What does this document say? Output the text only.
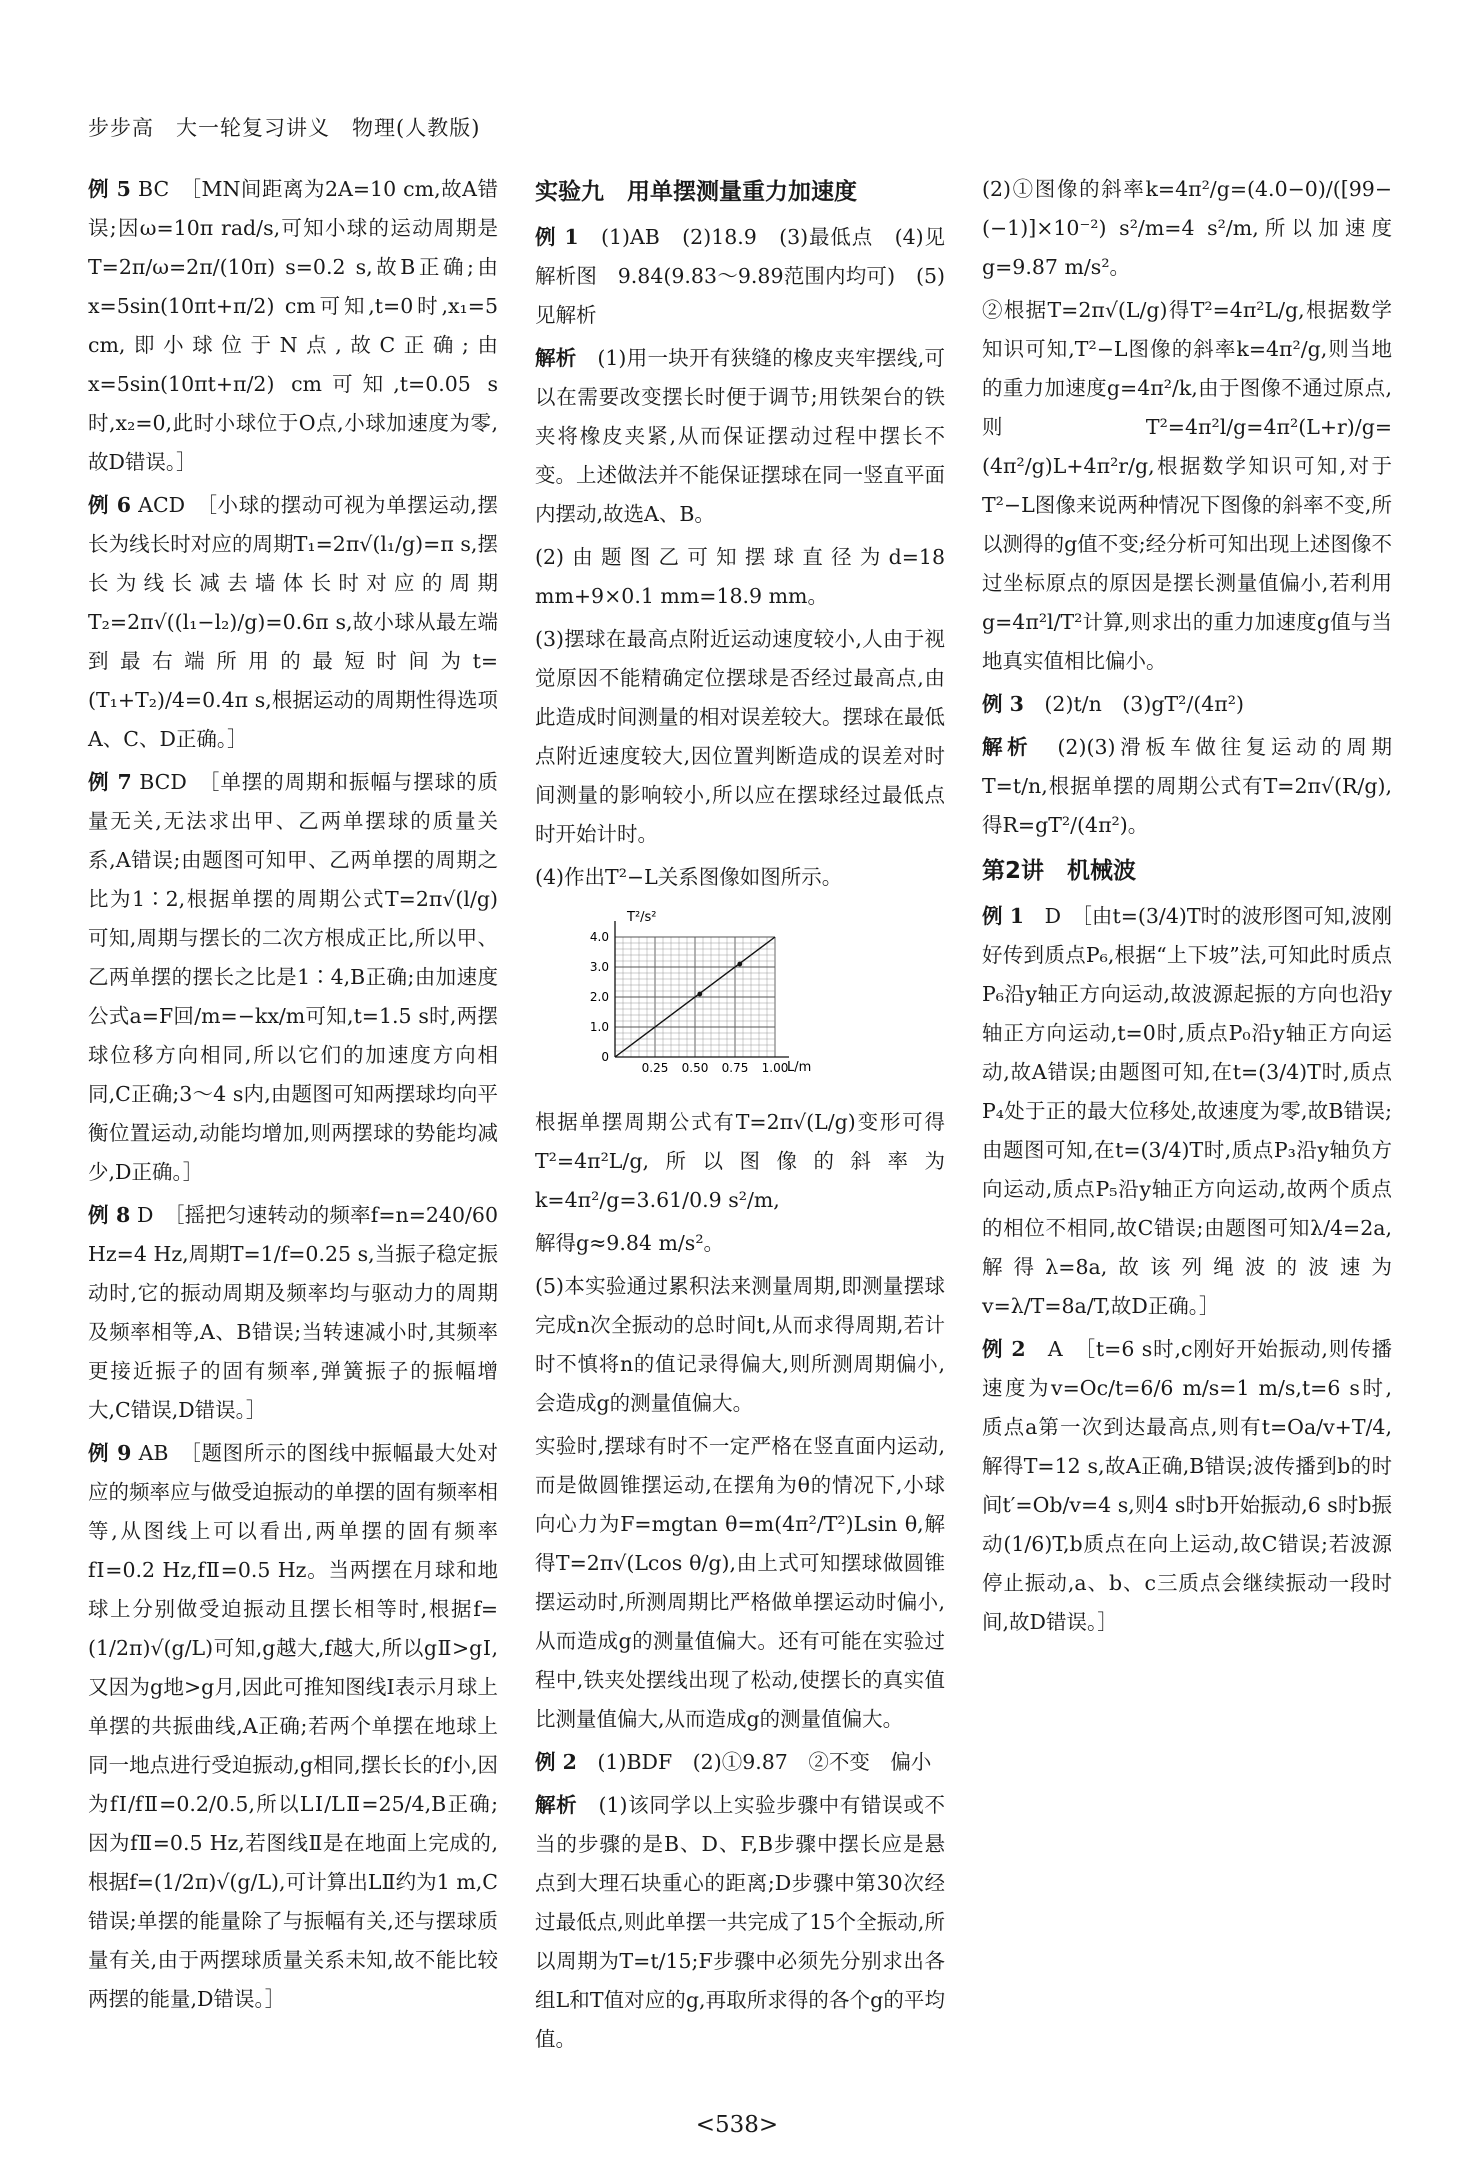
步步高　大一轮复习讲义　物理(人教版)

例 5 BC　 ［MN间距离为2A=10 cm,故A错误;因ω=10π rad/s,可知小球的运动周期是T=2π/ω=2π/(10π) s=0.2 s,故B正确;由x=5sin(10πt+π/2) cm可知,t=0时,x₁=5 cm,即小球位于N点,故C正确;由x=5sin(10πt+π/2) cm可知,t=0.05 s时,x₂=0,此时小球位于O点,小球加速度为零,故D错误。］

例 6 ACD　 ［小球的摆动可视为单摆运动,摆长为线长时对应的周期T₁=2π√(l₁/g)=π s,摆长为线长减去墙体长时对应的周期T₂=2π√((l₁−l₂)/g)=0.6π s,故小球从最左端到最右端所用的最短时间为t=(T₁+T₂)/4=0.4π s,根据运动的周期性得选项A、C、D正确。］

例 7 BCD　 ［单摆的周期和振幅与摆球的质量无关,无法求出甲、乙两单摆球的质量关系,A错误;由题图可知甲、乙两单摆的周期之比为1∶2,根据单摆的周期公式T=2π√(l/g)可知,周期与摆长的二次方根成正比,所以甲、乙两单摆的摆长之比是1∶4,B正确;由加速度公式a=F回/m=−kx/m可知,t=1.5 s时,两摆球位移方向相同,所以它们的加速度方向相同,C正确;3～4 s内,由题图可知两摆球均向平衡位置运动,动能均增加,则两摆球的势能均减少,D正确。］

例 8 D　 ［摇把匀速转动的频率f=n=240/60 Hz=4 Hz,周期T=1/f=0.25 s,当振子稳定振动时,它的振动周期及频率均与驱动力的周期及频率相等,A、B错误;当转速减小时,其频率更接近振子的固有频率,弹簧振子的振幅增大,C错误,D错误。］

例 9 AB　 ［题图所示的图线中振幅最大处对应的频率应与做受迫振动的单摆的固有频率相等,从图线上可以看出,两单摆的固有频率fⅠ=0.2 Hz,fⅡ=0.5 Hz。当两摆在月球和地球上分别做受迫振动且摆长相等时,根据f=(1/2π)√(g/L)可知,g越大,f越大,所以gⅡ>gⅠ,又因为g地>g月,因此可推知图线Ⅰ表示月球上单摆的共振曲线,A正确;若两个单摆在地球上同一地点进行受迫振动,g相同,摆长长的f小,因为fⅠ/fⅡ=0.2/0.5,所以LⅠ/LⅡ=25/4,B正确;因为fⅡ=0.5 Hz,若图线Ⅱ是在地面上完成的,根据f=(1/2π)√(g/L),可计算出LⅡ约为1 m,C错误;单摆的能量除了与振幅有关,还与摆球质量有关,由于两摆球质量关系未知,故不能比较两摆的能量,D错误。］

实验九　用单摆测量重力加速度

例 1　 (1)AB　(2)18.9　(3)最低点　(4)见解析图　9.84(9.83～9.89范围内均可)　(5)见解析

解析　 (1)用一块开有狭缝的橡皮夹牢摆线,可以在需要改变摆长时便于调节;用铁架台的铁夹将橡皮夹紧,从而保证摆动过程中摆长不变。上述做法并不能保证摆球在同一竖直平面内摆动,故选A、B。

(2)由题图乙可知摆球直径为d=18 mm+9×0.1 mm=18.9 mm。

(3)摆球在最高点附近运动速度较小,人由于视觉原因不能精确定位摆球是否经过最高点,由此造成时间测量的相对误差较大。摆球在最低点附近速度较大,因位置判断造成的误差对时间测量的影响较小,所以应在摆球经过最低点时开始计时。

(4)作出T²−L关系图像如图所示。

T²/s²
L/m
0
1.0
2.0
3.0
4.0
0.25 0.50 0.75 1.00

根据单摆周期公式有T=2π√(L/g)变形可得T²=4π²L/g,所以图像的斜率为k=4π²/g=3.61/0.9 s²/m,

解得g≈9.84 m/s²。

(5)本实验通过累积法来测量周期,即测量摆球完成n次全振动的总时间t,从而求得周期,若计时不慎将n的值记录得偏大,则所测周期偏小,会造成g的测量值偏大。

实验时,摆球有时不一定严格在竖直面内运动,而是做圆锥摆运动,在摆角为θ的情况下,小球向心力为F=mgtan θ=m(4π²/T²)Lsin θ,解得T=2π√(Lcos θ/g),由上式可知摆球做圆锥摆运动时,所测周期比严格做单摆运动时偏小,从而造成g的测量值偏大。还有可能在实验过程中,铁夹处摆线出现了松动,使摆长的真实值比测量值偏大,从而造成g的测量值偏大。

例 2　 (1)BDF　(2)①9.87　②不变　偏小

解析　 (1)该同学以上实验步骤中有错误或不当的步骤的是B、D、F,B步骤中摆长应是悬点到大理石块重心的距离;D步骤中第30次经过最低点,则此单摆一共完成了15个全振动,所以周期为T=t/15;F步骤中必须先分别求出各组L和T值对应的g,再取所求得的各个g的平均值。

(2)①图像的斜率k=4π²/g=(4.0−0)/([99−(−1)]×10⁻²) s²/m=4 s²/m,所以加速度g=9.87 m/s²。

②根据T=2π√(L/g)得T²=4π²L/g,根据数学知识可知,T²−L图像的斜率k=4π²/g,则当地的重力加速度g=4π²/k,由于图像不通过原点,则T²=4π²l/g=4π²(L+r)/g=(4π²/g)L+4π²r/g,根据数学知识可知,对于T²−L图像来说两种情况下图像的斜率不变,所以测得的g值不变;经分析可知出现上述图像不过坐标原点的原因是摆长测量值偏小,若利用g=4π²l/T²计算,则求出的重力加速度g值与当地真实值相比偏小。

例 3　 (2)t/n　(3)gT²/(4π²)

解析　 (2)(3)滑板车做往复运动的周期T=t/n,根据单摆的周期公式有T=2π√(R/g),得R=gT²/(4π²)。

第2讲　机械波

例 1　 D　 ［由t=(3/4)T时的波形图可知,波刚好传到质点P₆,根据“上下坡”法,可知此时质点P₆沿y轴正方向运动,故波源起振的方向也沿y轴正方向运动,t=0时,质点P₀沿y轴正方向运动,故A错误;由题图可知,在t=(3/4)T时,质点P₄处于正的最大位移处,故速度为零,故B错误;由题图可知,在t=(3/4)T时,质点P₃沿y轴负方向运动,质点P₅沿y轴正方向运动,故两个质点的相位不相同,故C错误;由题图可知λ/4=2a,解得λ=8a,故该列绳波的波速为v=λ/T=8a/T,故D正确。］

例 2　 A　 ［t=6 s时,c刚好开始振动,则传播速度为v=Oc/t=6/6 m/s=1 m/s,t=6 s时,质点a第一次到达最高点,则有t=Oa/v+T/4,解得T=12 s,故A正确,B错误;波传播到b的时间t′=Ob/v=4 s,则4 s时b开始振动,6 s时b振动(1/6)T,b质点在向上运动,故C错误;若波源停止振动,a、b、c三质点会继续振动一段时间,故D错误。］

<538>
